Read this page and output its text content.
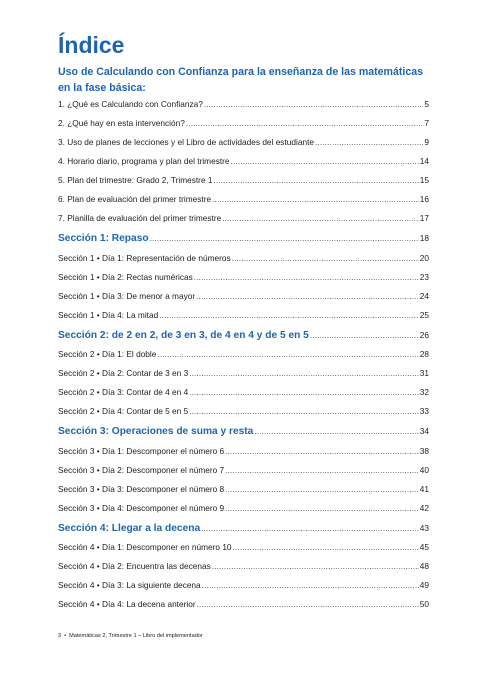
Índice
Uso de Calculando con Confianza para la enseñanza de las matemáticas en la fase básica:
1. ¿Qué es Calculando con Confianza? .....	5
2. ¿Qué hay en esta intervención? .....	7
3. Uso de planes de lecciones y el Libro de actividades del estudiante .....	9
4. Horario diario, programa y plan del trimestre .....	14
5. Plan del trimestre: Grado 2, Trimestre 1 .....	15
6. Plan de evaluación del primer trimestre .....	16
7. Planilla de evaluación del primer trimestre .....	17
Sección 1: Repaso .....	18
Sección 1 • Día 1: Representación de números .....	20
Sección 1 • Día 2: Rectas numéricas .....	23
Sección 1 • Día 3: De menor a mayor .....	24
Sección 1 • Día 4: La mitad .....	25
Sección 2: de 2 en 2, de 3 en 3, de 4 en 4 y de 5 en 5 .....	26
Sección 2 • Día 1: El doble .....	28
Sección 2 • Día 2: Contar de 3 en 3 .....	31
Sección 2 • Día 3: Contar de 4 en 4 .....	32
Sección 2 • Día 4: Contar de 5 en 5 .....	33
Sección 3: Operaciones de suma y resta .....	34
Sección 3 • Día 1: Descomponer el número 6 .....	38
Sección 3 • Día 2: Descomponer el número 7 .....	40
Sección 3 • Día 3: Descomponer el número 8 .....	41
Sección 3 • Día 4: Descomponer el número 9 .....	42
Sección 4: Llegar a la decena .....	43
Sección 4 • Día 1: Descomponer en número 10 .....	45
Sección 4 • Día 2: Encuentra las decenas .....	48
Sección 4 • Día 3: La siguiente decena .....	49
Sección 4 • Día 4: La decena anterior .....	50
3 • Matemáticas 2, Trimestre 1 – Libro del implementador
